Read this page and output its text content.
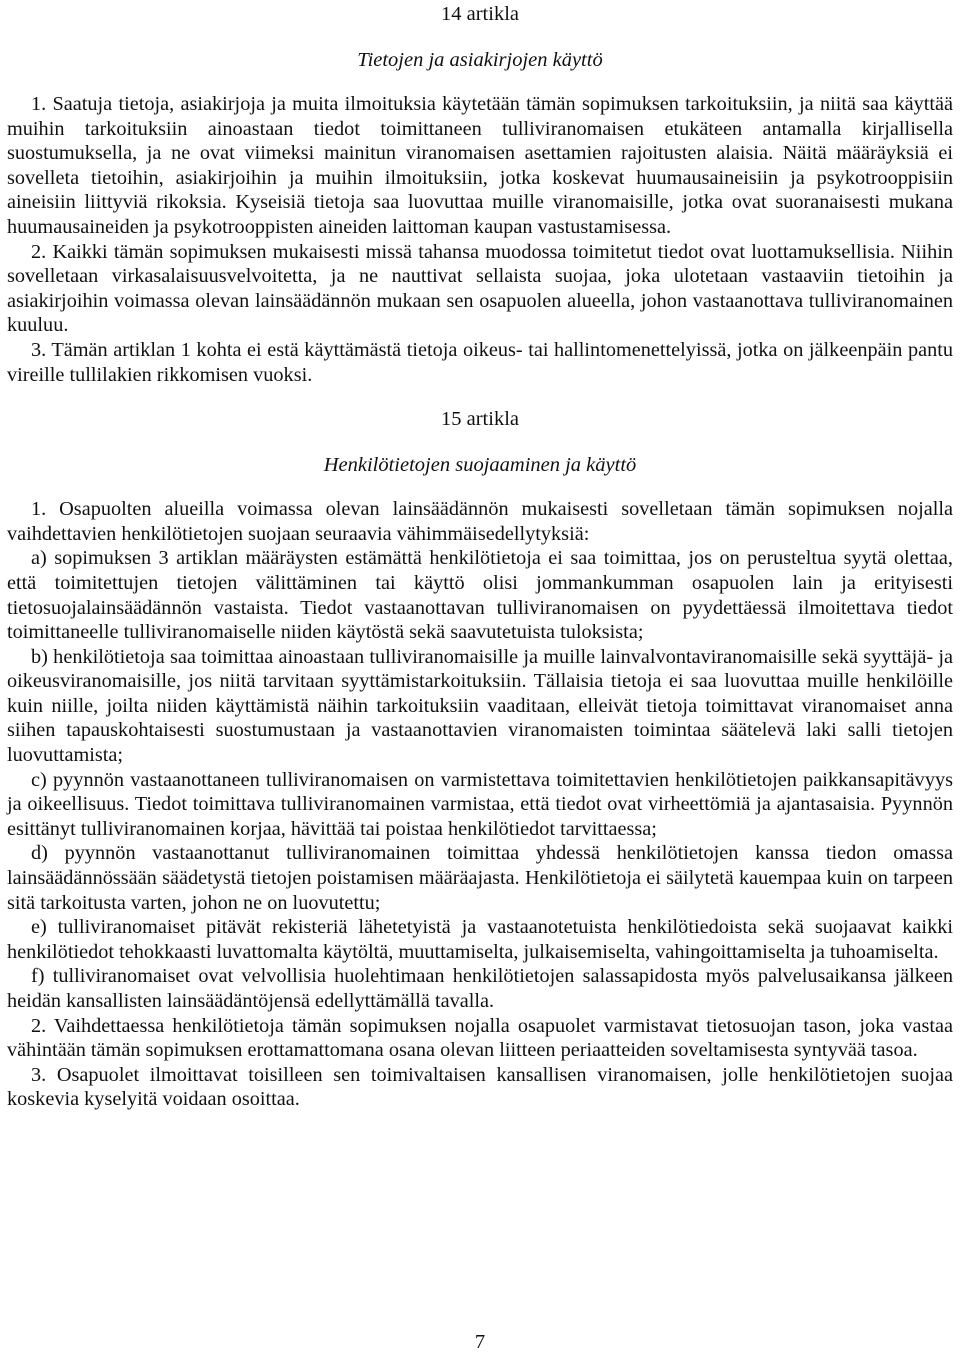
14 artikla

Tietojen ja asiakirjojen käyttö

1. Saatuja tietoja, asiakirjoja ja muita ilmoituksia käytetään tämän sopimuksen tarkoituksiin, ja niitä saa käyttää muihin tarkoituksiin ainoastaan tiedot toimittaneen tulliviranomaisen etukäteen antamalla kirjallisella suostumuksella, ja ne ovat viimeksi mainitun viranomaisen asettamien rajoitusten alaisia. Näitä määräyksiä ei sovelleta tietoihin, asiakirjoihin ja muihin ilmoituksiin, jotka koskevat huumausaineisiin ja psykotrooppisiin aineisiin liittyviä rikoksia. Kyseisiä tietoja saa luovuttaa muille viranomaisille, jotka ovat suoranaisesti mukana huumausaineiden ja psykotrooppisten aineiden laittoman kaupan vastustamisessa.

2. Kaikki tämän sopimuksen mukaisesti missä tahansa muodossa toimitetut tiedot ovat luottamuksellisia. Niihin sovelletaan virkasalaisuusvelvoitetta, ja ne nauttivat sellaista suojaa, joka ulotetaan vastaaviin tietoihin ja asiakirjoihin voimassa olevan lainsäädännön mukaan sen osapuolen alueella, johon vastaanottava tulliviranomainen kuuluu.

3. Tämän artiklan 1 kohta ei estä käyttämästä tietoja oikeus- tai hallintomenettelyissä, jotka on jälkeenpäin pantu vireille tullilakien rikkomisen vuoksi.

15 artikla

Henkilötietojen suojaaminen ja käyttö

1. Osapuolten alueilla voimassa olevan lainsäädännön mukaisesti sovelletaan tämän sopimuksen nojalla vaihdettavien henkilötietojen suojaan seuraavia vähimmäisedellytyksiä:

a) sopimuksen 3 artiklan määräysten estämättä henkilötietoja ei saa toimittaa, jos on perusteltua syytä olettaa, että toimitettujen tietojen välittäminen tai käyttö olisi jommankumman osapuolen lain ja erityisesti tietosuojalainsäädännön vastaista. Tiedot vastaanottavan tulliviranomaisen on pyydettäessä ilmoitettava tiedot toimittaneelle tulliviranomaiselle niiden käytöstä sekä saavutetuista tuloksista;

b) henkilötietoja saa toimittaa ainoastaan tulliviranomaisille ja muille lainvalvontaviranomaisille sekä syyttäjä- ja oikeusviranomaisille, jos niitä tarvitaan syyttämistarkoituksiin. Tällaisia tietoja ei saa luovuttaa muille henkilöille kuin niille, joilta niiden käyttämistä näihin tarkoituksiin vaaditaan, elleivät tietoja toimittavat viranomaiset anna siihen tapauskohtaisesti suostumustaan ja vastaanottavien viranomaisten toimintaa säätelevä laki salli tietojen luovuttamista;

c) pyynnön vastaanottaneen tulliviranomaisen on varmistettava toimitettavien henkilötietojen paikkansapitävyys ja oikeellisuus. Tiedot toimittava tulliviranomainen varmistaa, että tiedot ovat virheettömiä ja ajantasaisia. Pyynnön esittänyt tulliviranomainen korjaa, hävittää tai poistaa henkilötiedot tarvittaessa;

d) pyynnön vastaanottanut tulliviranomainen toimittaa yhdessä henkilötietojen kanssa tiedon omassa lainsäädännössään säädetystä tietojen poistamisen määräajasta. Henkilötietoja ei säilytetä kauempaa kuin on tarpeen sitä tarkoitusta varten, johon ne on luovutettu;

e) tulliviranomaiset pitävät rekisteriä lähetetyistä ja vastaanotetuista henkilötiedoista sekä suojaavat kaikki henkilötiedot tehokkaasti luvattomalta käytöltä, muuttamiselta, julkaisemiselta, vahingoittamiselta ja tuhoamiselta.

f) tulliviranomaiset ovat velvollisia huolehtimaan henkilötietojen salassapidosta myös palvelusaikansa jälkeen heidän kansallisten lainsäädäntöjensä edellyttämällä tavalla.

2. Vaihdettaessa henkilötietoja tämän sopimuksen nojalla osapuolet varmistavat tietosuojan tason, joka vastaa vähintään tämän sopimuksen erottamattomana osana olevan liitteen periaatteiden soveltamisesta syntyvää tasoa.

3. Osapuolet ilmoittavat toisilleen sen toimivaltaisen kansallisen viranomaisen, jolle henkilötietojen suojaa koskevia kyselyitä voidaan osoittaa.

7
